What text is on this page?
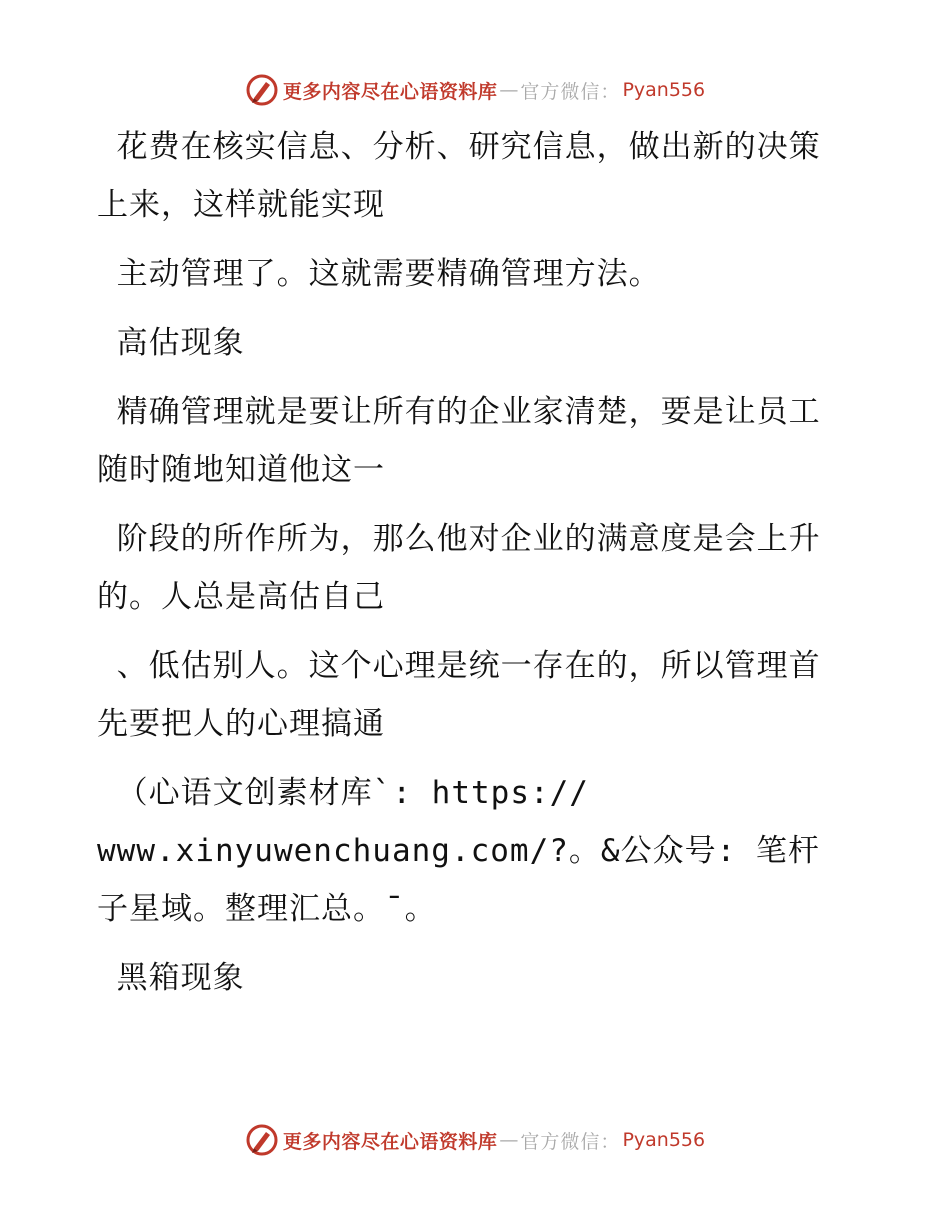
更多内容尽在心语资料库 — 官方微信： Pyan556

花费在核实信息、分析、研究信息，做出新的决策上来，这样就能实现

主动管理了。这就需要精确管理方法。

高估现象

精确管理就是要让所有的企业家清楚，要是让员工随时随地知道他这一

阶段的所作所为，那么他对企业的满意度是会上升的。人总是高估自己

、低估别人。这个心理是统一存在的，所以管理首先要把人的心理搞通

（心语文创素材库`: https://
www.xinyuwenchuang.com/?。&公众号: 笔杆子星域。整理汇总。¯。

黑箱现象

更多内容尽在心语资料库 — 官方微信： Pyan556
